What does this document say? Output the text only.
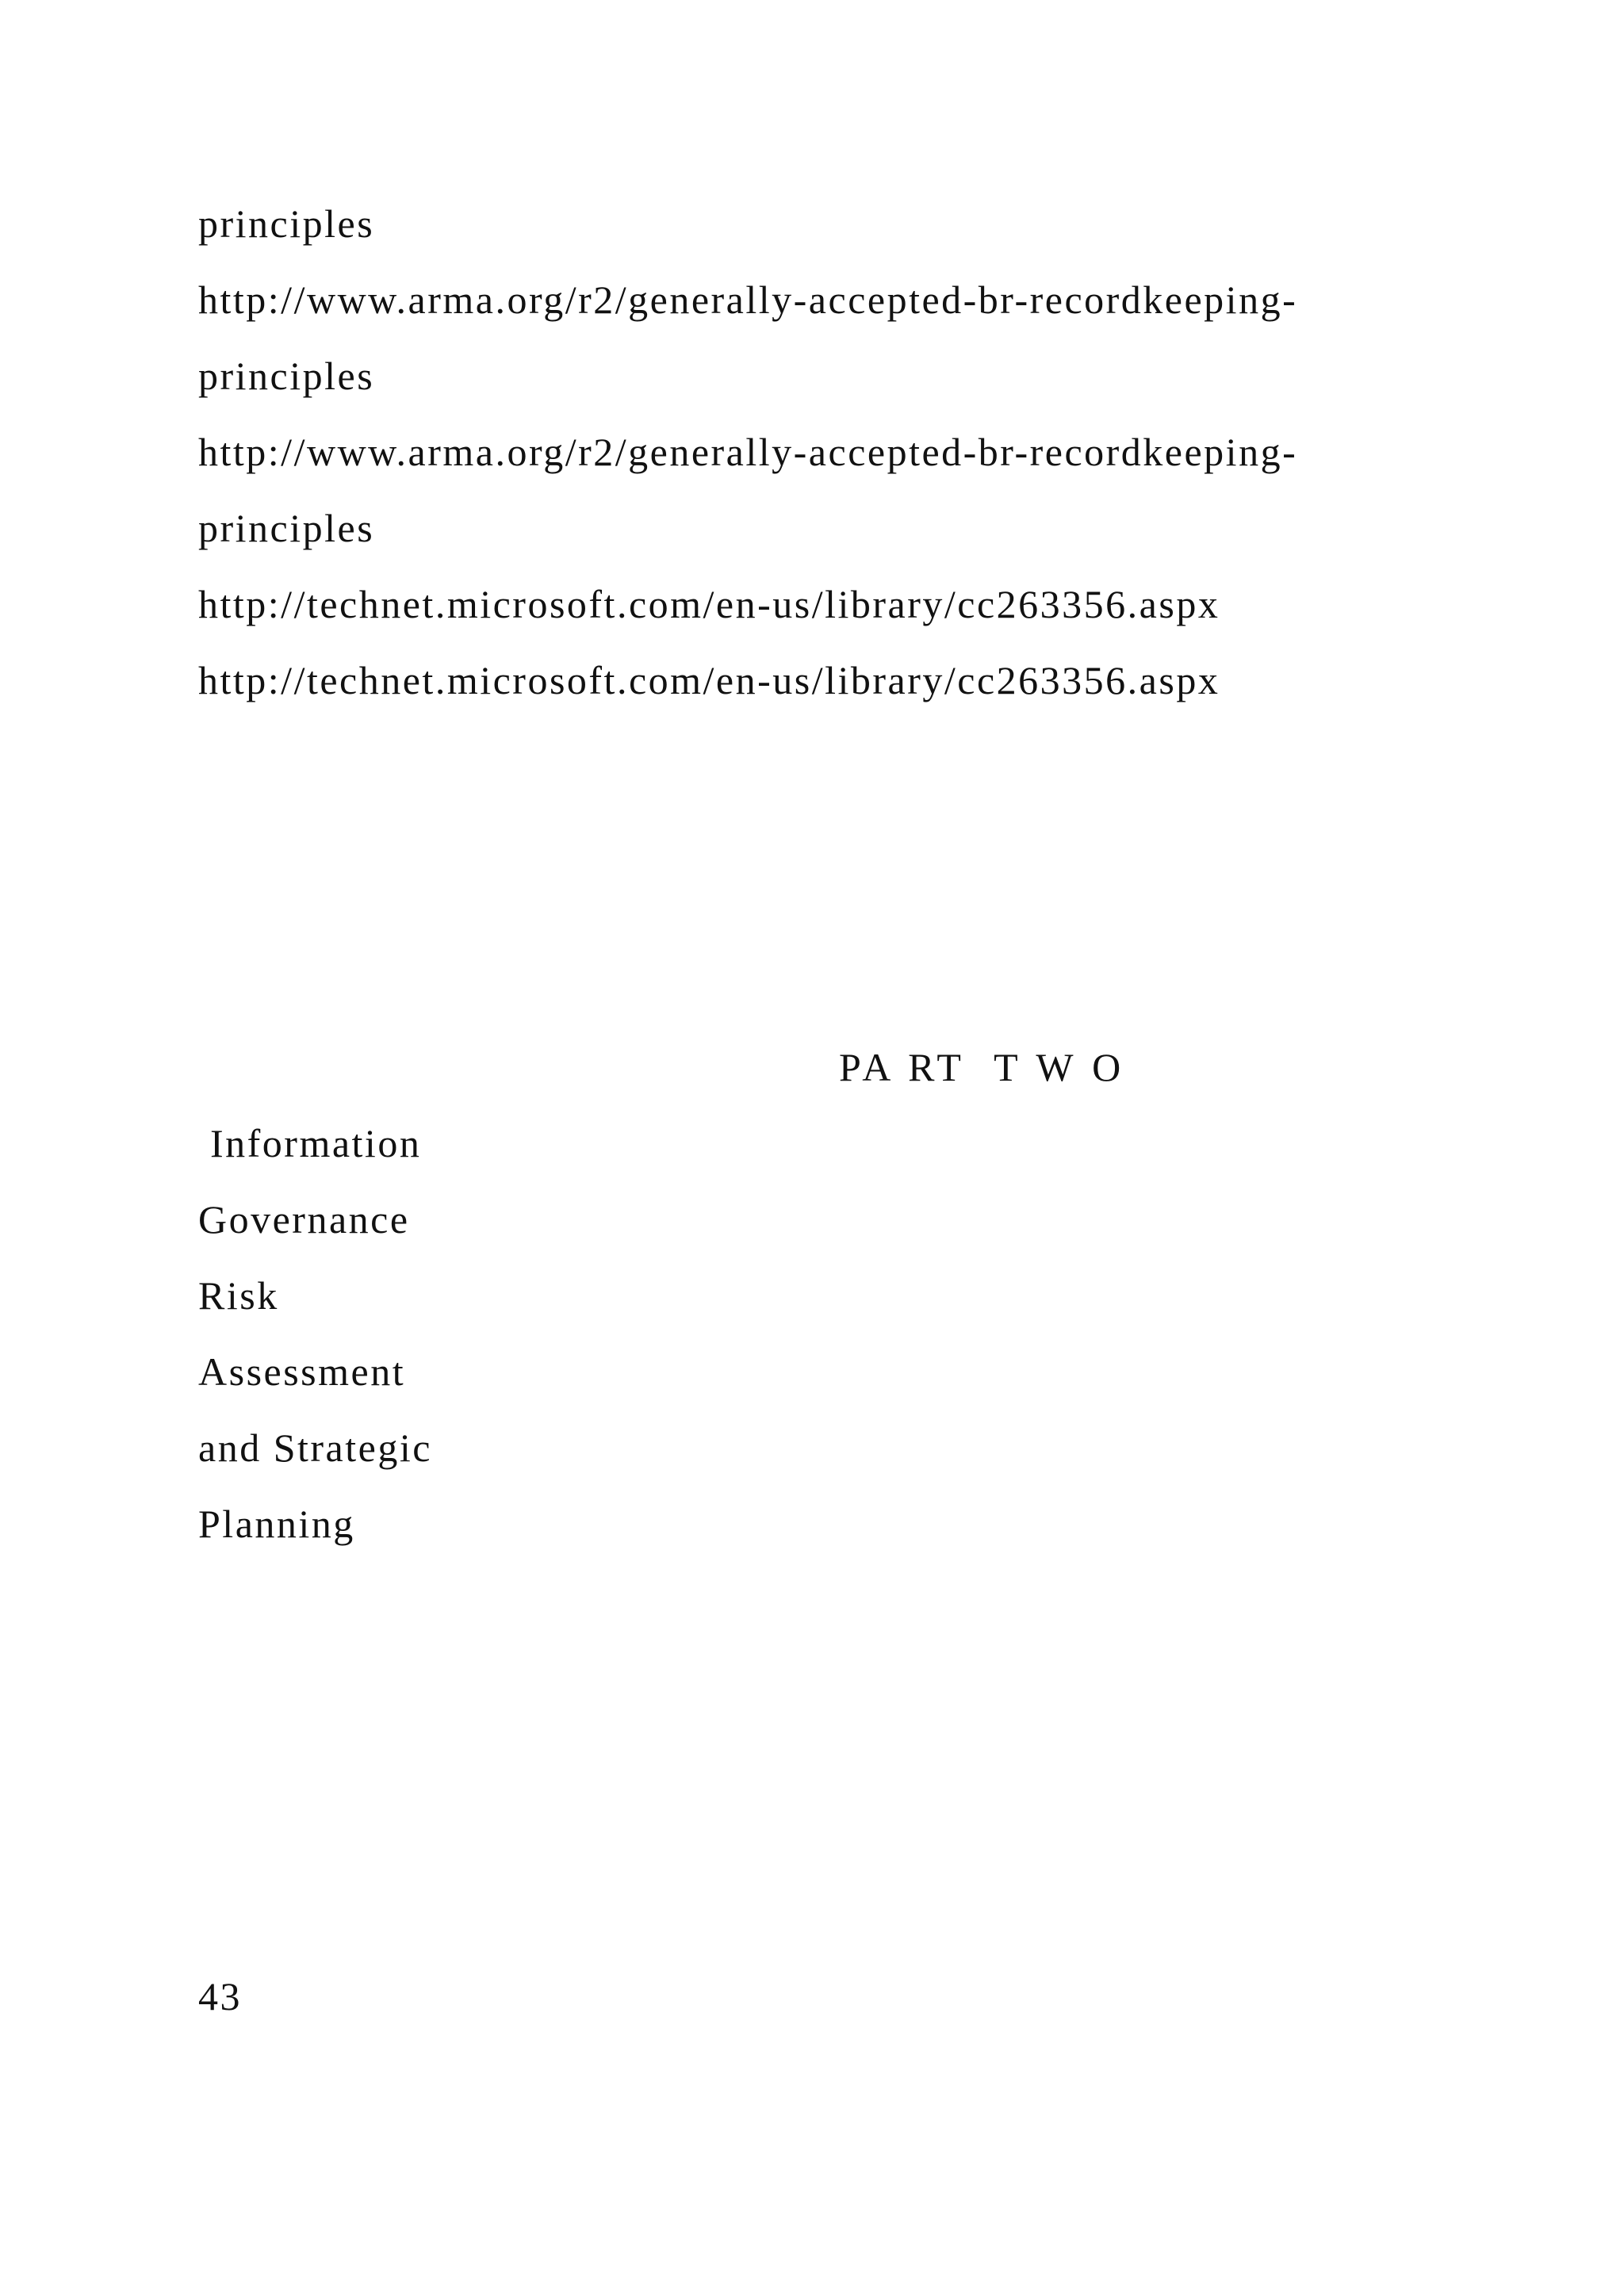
principles
http://www.arma.org/r2/generally-accepted-br-recordkeeping-
principles
http://www.arma.org/r2/generally-accepted-br-recordkeeping-
principles
http://technet.microsoft.com/en-us/library/cc263356.aspx
http://technet.microsoft.com/en-us/library/cc263356.aspx
PA RT  T W O
Information
Governance
Risk
Assessment
and Strategic
Planning
43
